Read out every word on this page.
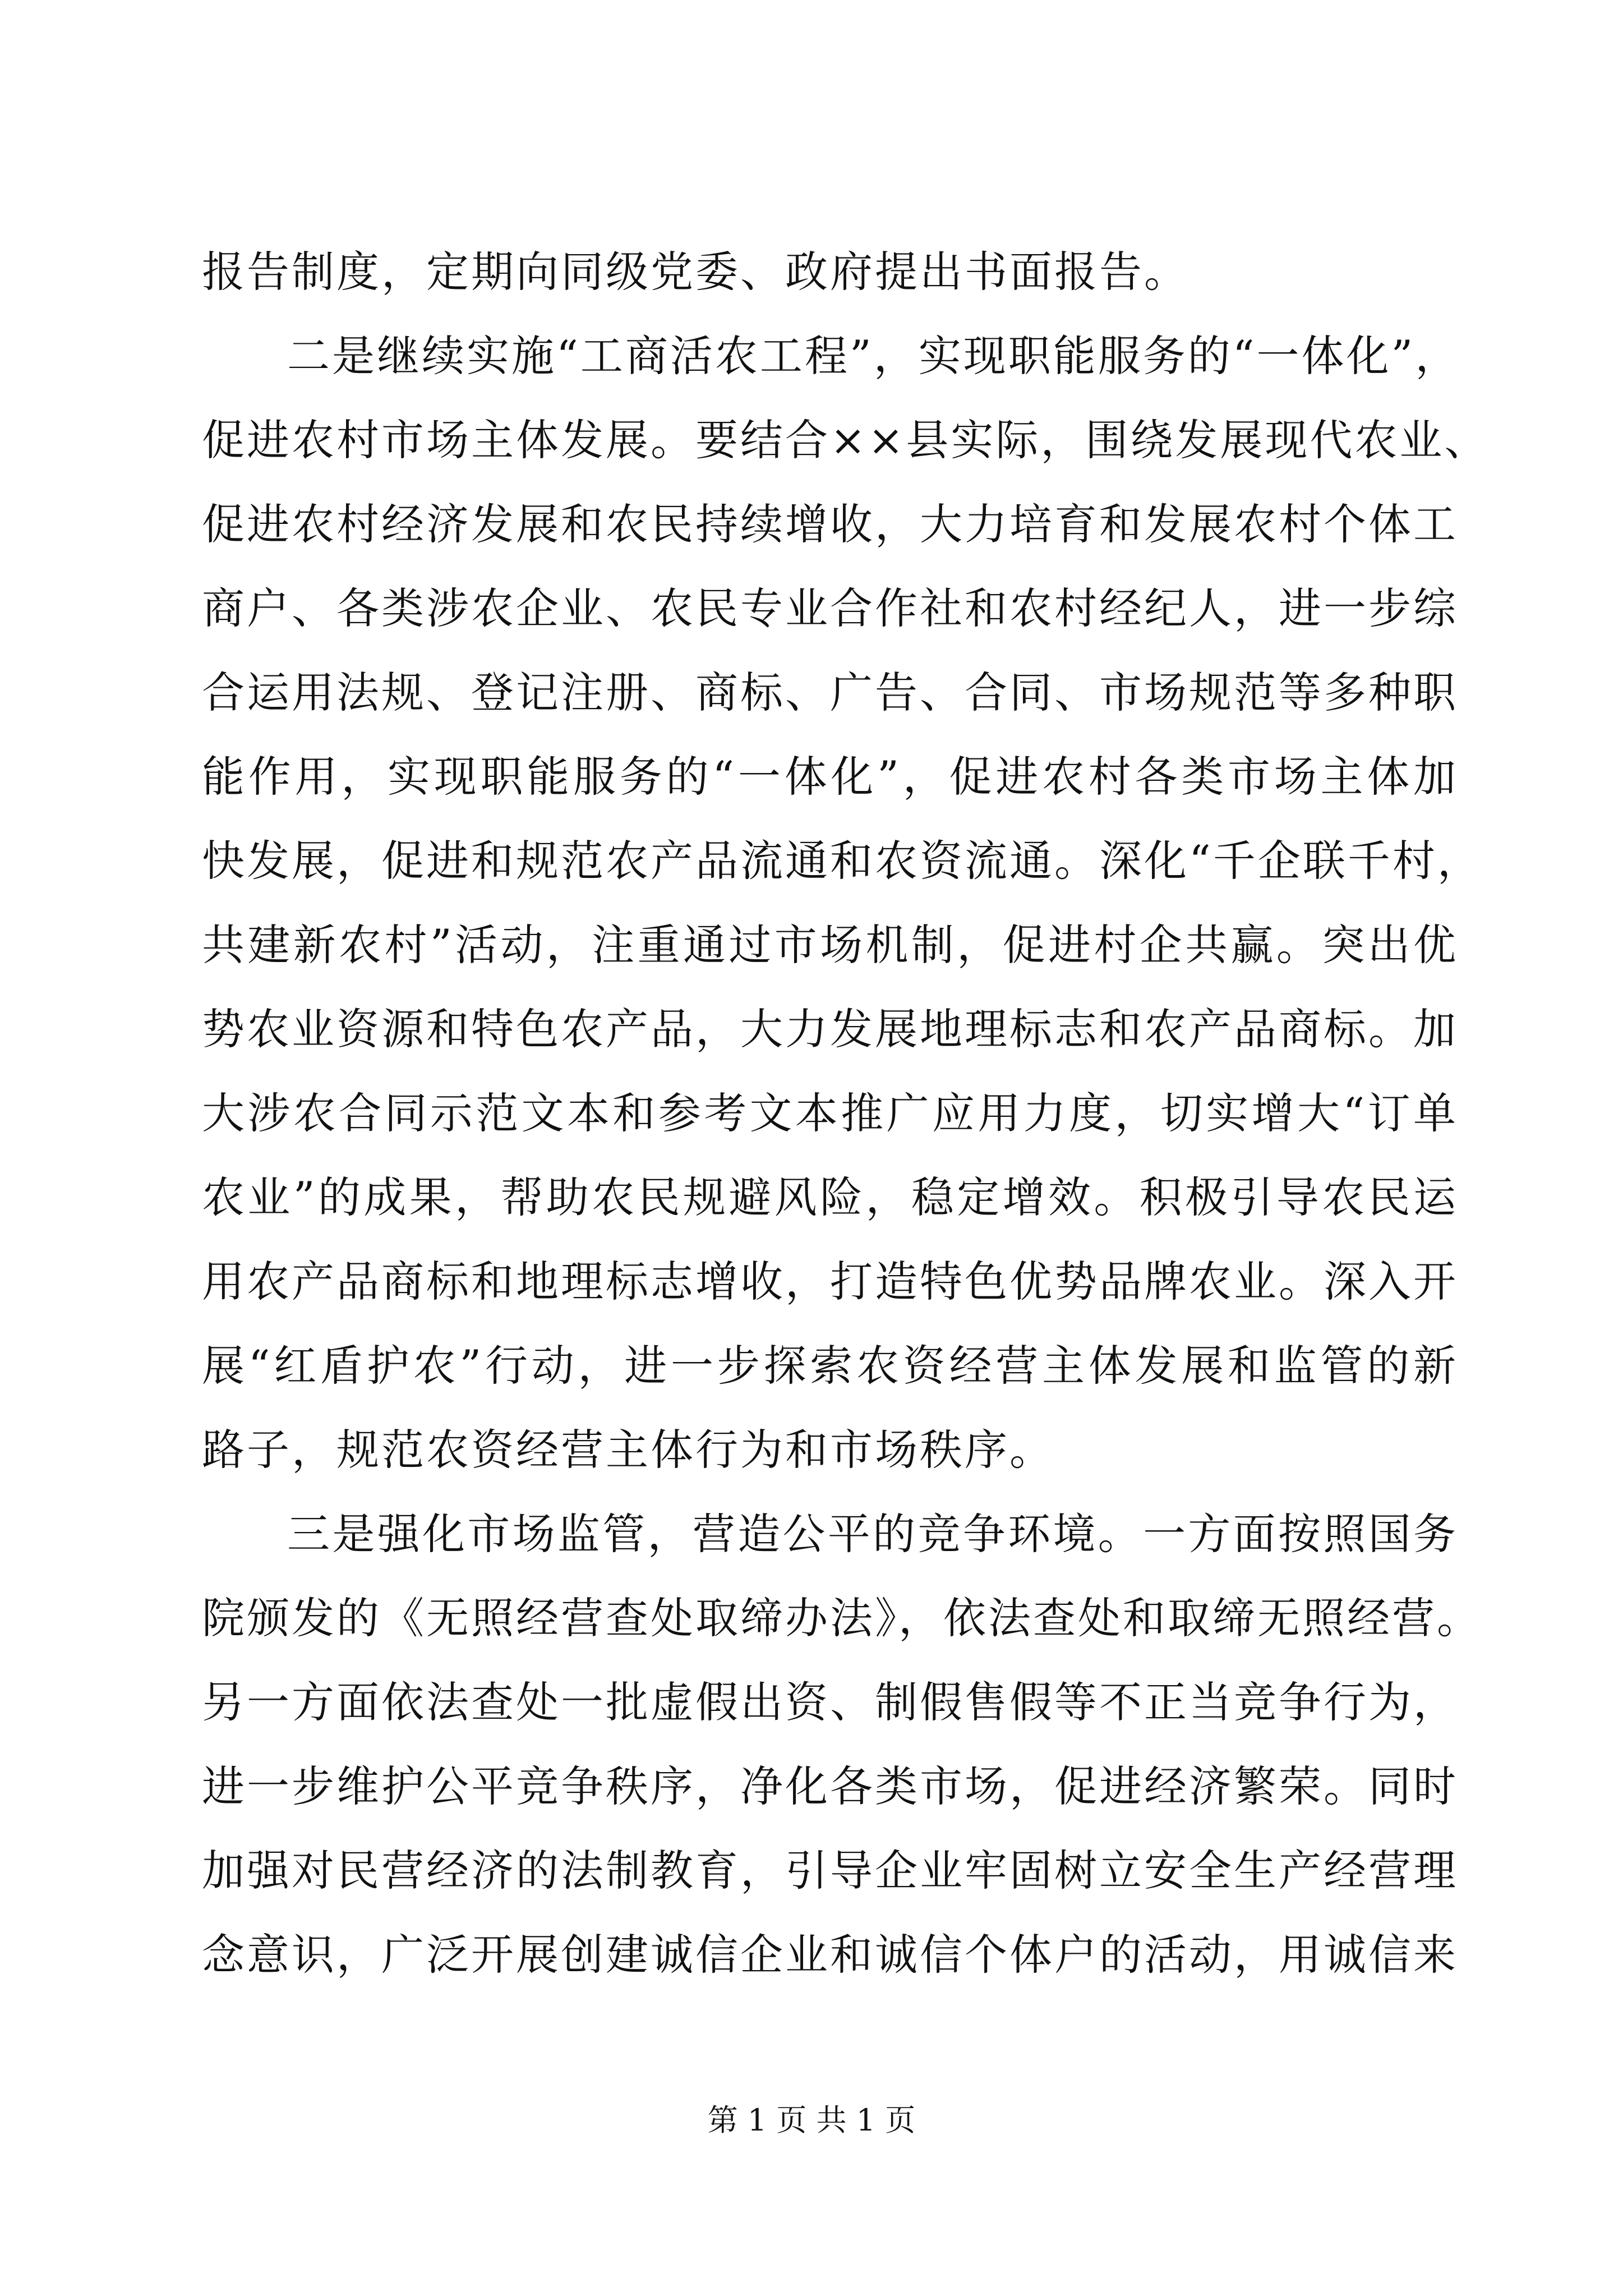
报告制度，定期向同级党委、政府提出书面报告。
二是继续实施“工商活农工程”，实现职能服务的“一体化”，
促进农村市场主体发展。要结合××县实际，围绕发展现代农业、
促进农村经济发展和农民持续增收，大力培育和发展农村个体工
商户、各类涉农企业、农民专业合作社和农村经纪人，进一步综
合运用法规、登记注册、商标、广告、合同、市场规范等多种职
能作用，实现职能服务的“一体化”，促进农村各类市场主体加
快发展，促进和规范农产品流通和农资流通。深化“千企联千村，
共建新农村”活动，注重通过市场机制，促进村企共赢。突出优
势农业资源和特色农产品，大力发展地理标志和农产品商标。加
大涉农合同示范文本和参考文本推广应用力度，切实增大“订单
农业”的成果，帮助农民规避风险，稳定增效。积极引导农民运
用农产品商标和地理标志增收，打造特色优势品牌农业。深入开
展“红盾护农”行动，进一步探索农资经营主体发展和监管的新
路子，规范农资经营主体行为和市场秩序。
三是强化市场监管，营造公平的竞争环境。一方面按照国务
院颁发的《无照经营查处取缔办法》，依法查处和取缔无照经营。
另一方面依法查处一批虚假出资、制假售假等不正当竞争行为，
进一步维护公平竞争秩序，净化各类市场，促进经济繁荣。同时
加强对民营经济的法制教育，引导企业牢固树立安全生产经营理
念意识，广泛开展创建诚信企业和诚信个体户的活动，用诚信来
第 1 页 共 1 页
